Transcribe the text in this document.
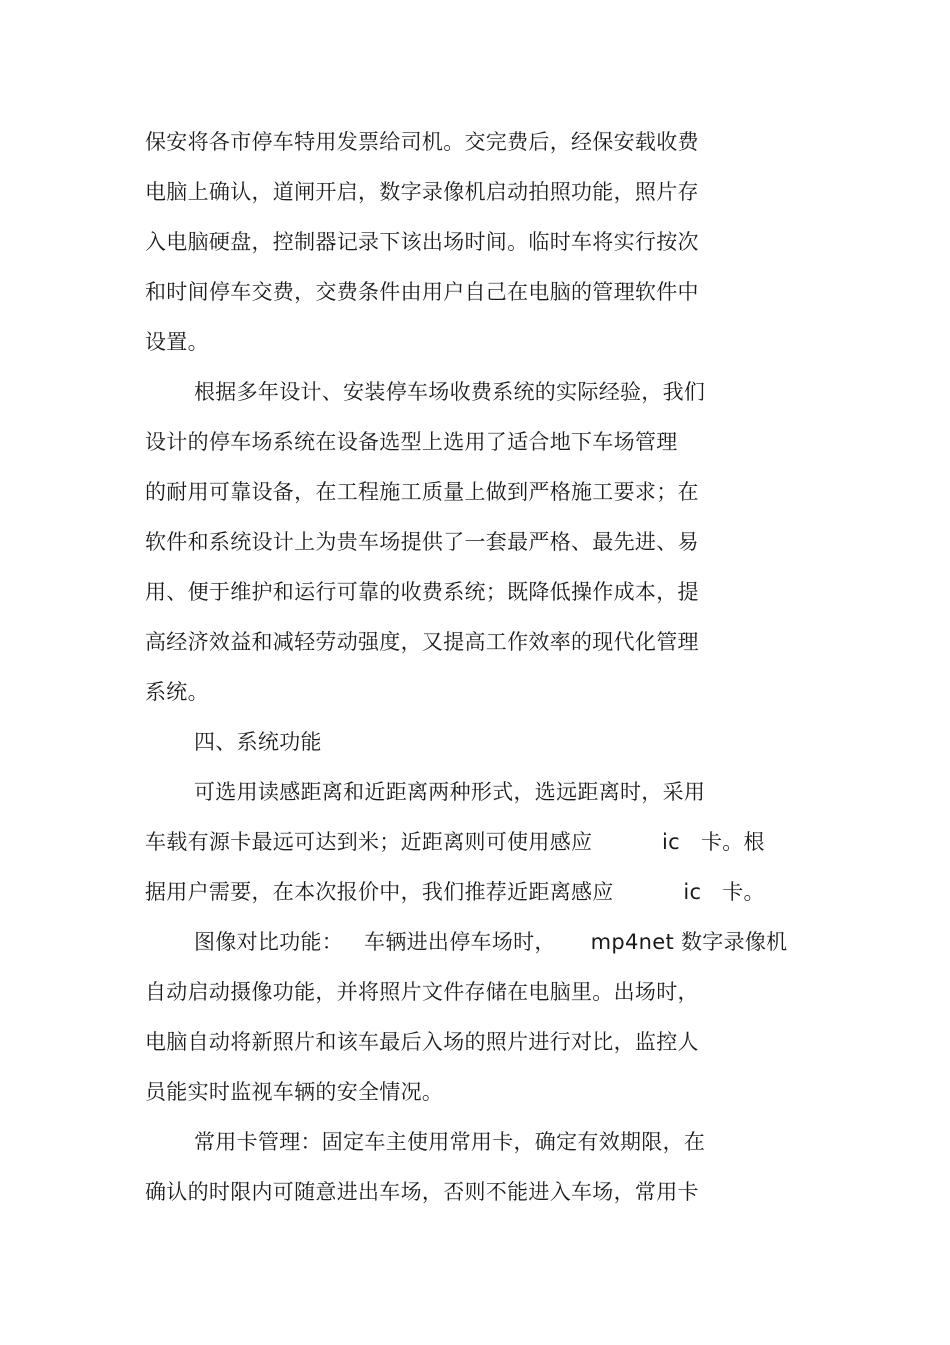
保安将各市停车特用发票给司机。交完费后，经保安载收费
电脑上确认，道闸开启，数字录像机启动拍照功能，照片存
入电脑硬盘，控制器记录下该出场时间。临时车将实行按次
和时间停车交费，交费条件由用户自己在电脑的管理软件中
设置。
根据多年设计、安装停车场收费系统的实际经验，我们
设计的停车场系统在设备选型上选用了适合地下车场管理
的耐用可靠设备，在工程施工质量上做到严格施工要求；在
软件和系统设计上为贵车场提供了一套最严格、最先进、易
用、便于维护和运行可靠的收费系统；既降低操作成本，提
高经济效益和减轻劳动强度，又提高工作效率的现代化管理
系统。
四、系统功能
可选用读感距离和近距离两种形式，选远距离时，采用
车载有源卡最远可达到米；近距离则可使用感应          ic   卡。根
据用户需要，在本次报价中，我们推荐近距离感应          ic   卡。
图像对比功能：   车辆进出停车场时，     mp4net 数字录像机
自动启动摄像功能，并将照片文件存储在电脑里。出场时，
电脑自动将新照片和该车最后入场的照片进行对比，监控人
员能实时监视车辆的安全情况。
常用卡管理：固定车主使用常用卡，确定有效期限，在
确认的时限内可随意进出车场，否则不能进入车场，常用卡
